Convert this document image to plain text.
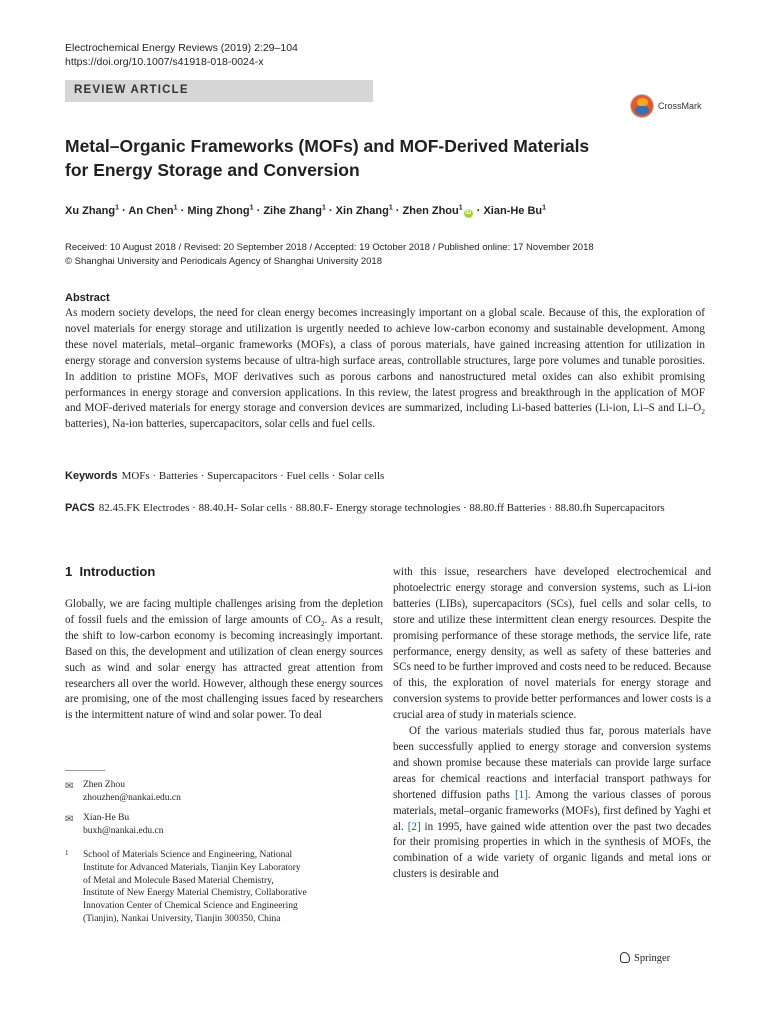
Electrochemical Energy Reviews (2019) 2:29–104
https://doi.org/10.1007/s41918-018-0024-x
REVIEW ARTICLE
CrossMark
Metal–Organic Frameworks (MOFs) and MOF-Derived Materials
for Energy Storage and Conversion
Xu Zhang$^1$ · An Chen$^1$ · Ming Zhong$^1$ · Zihe Zhang$^1$ · Xin Zhang$^1$ · Zhen Zhou$^1$iD · Xian-He Bu$^1$
Received: 10 August 2018 / Revised: 20 September 2018 / Accepted: 19 October 2018 / Published online: 17 November 2018
© Shanghai University and Periodicals Agency of Shanghai University 2018
Abstract
As modern society develops, the need for clean energy becomes increasingly important on a global scale. Because of this, the exploration of novel materials for energy storage and utilization is urgently needed to achieve low-carbon economy and sustainable development. Among these novel materials, metal–organic frameworks (MOFs), a class of porous materials, have gained increasing attention for utilization in energy storage and conversion systems because of ultra-high surface areas, controllable structures, large pore volumes and tunable porosities. In addition to pristine MOFs, MOF derivatives such as porous carbons and nanostructured metal oxides can also exhibit promising performances in energy storage and conversion applications. In this review, the latest progress and breakthrough in the application of MOF and MOF-derived materials for energy storage and conversion devices are summarized, including Li-based batteries (Li-ion, Li–S and $Li-O_2$ batteries), Na-ion batteries, supercapacitors, solar cells and fuel cells.
Keywords MOFs · Batteries · Supercapacitors · Fuel cells · Solar cells
PACS 82.45.FK Electrodes · 88.40.H- Solar cells · 88.80.F- Energy storage technologies · 88.80.ff Batteries · 88.80.fh Supercapacitors
1 Introduction

Globally, we are facing multiple challenges arising from the depletion of fossil fuels and the emission of large amounts of $CO_2$. As a result, the shift to low-carbon economy is becoming increasingly important. Based on this, the development and utilization of clean energy sources such as wind and solar energy has attracted great attention from researchers all over the world. However, although these energy sources are promising, one of the most challenging issues faced by researchers is the intermittent nature of wind and solar power. To deal

with this issue, researchers have developed electrochemical and photoelectric energy storage and conversion systems, such as Li-ion batteries (LIBs), supercapacitors (SCs), fuel cells and solar cells, to store and utilize these intermittent clean energy resources. Despite the promising performance of these storage methods, the service life, rate performance, energy density, as well as safety of these batteries and SCs need to be further improved and costs need to be reduced. Because of this, the exploration of novel materials for energy storage and conversion systems to provide better performances and lower costs is a crucial area of study in materials science.

Of the various materials studied thus far, porous materials have been successfully applied to energy storage and conversion systems and shown promise because these materials can provide large surface areas for chemical reactions and interfacial transport pathways for shortened diffusion paths [1]. Among the various classes of porous materials, metal–organic frameworks (MOFs), first defined by Yaghi et al. [2] in 1995, have gained wide attention over the past two decades for their promising properties in which in the synthesis of MOFs, the combination of a wide variety of organic ligands and metal ions or clusters is desirable and

✉ Zhen Zhou
zhouzhen@nankai.edu.cn
✉ Xian-He Bu
buxh@nankai.edu.cn
1 School of Materials Science and Engineering, National
Institute for Advanced Materials, Tianjin Key Laboratory
of Metal and Molecule Based Material Chemistry,
Institute of New Energy Material Chemistry, Collaborative
Innovation Center of Chemical Science and Engineering
(Tianjin), Nankai University, Tianjin 300350, China
Springer
